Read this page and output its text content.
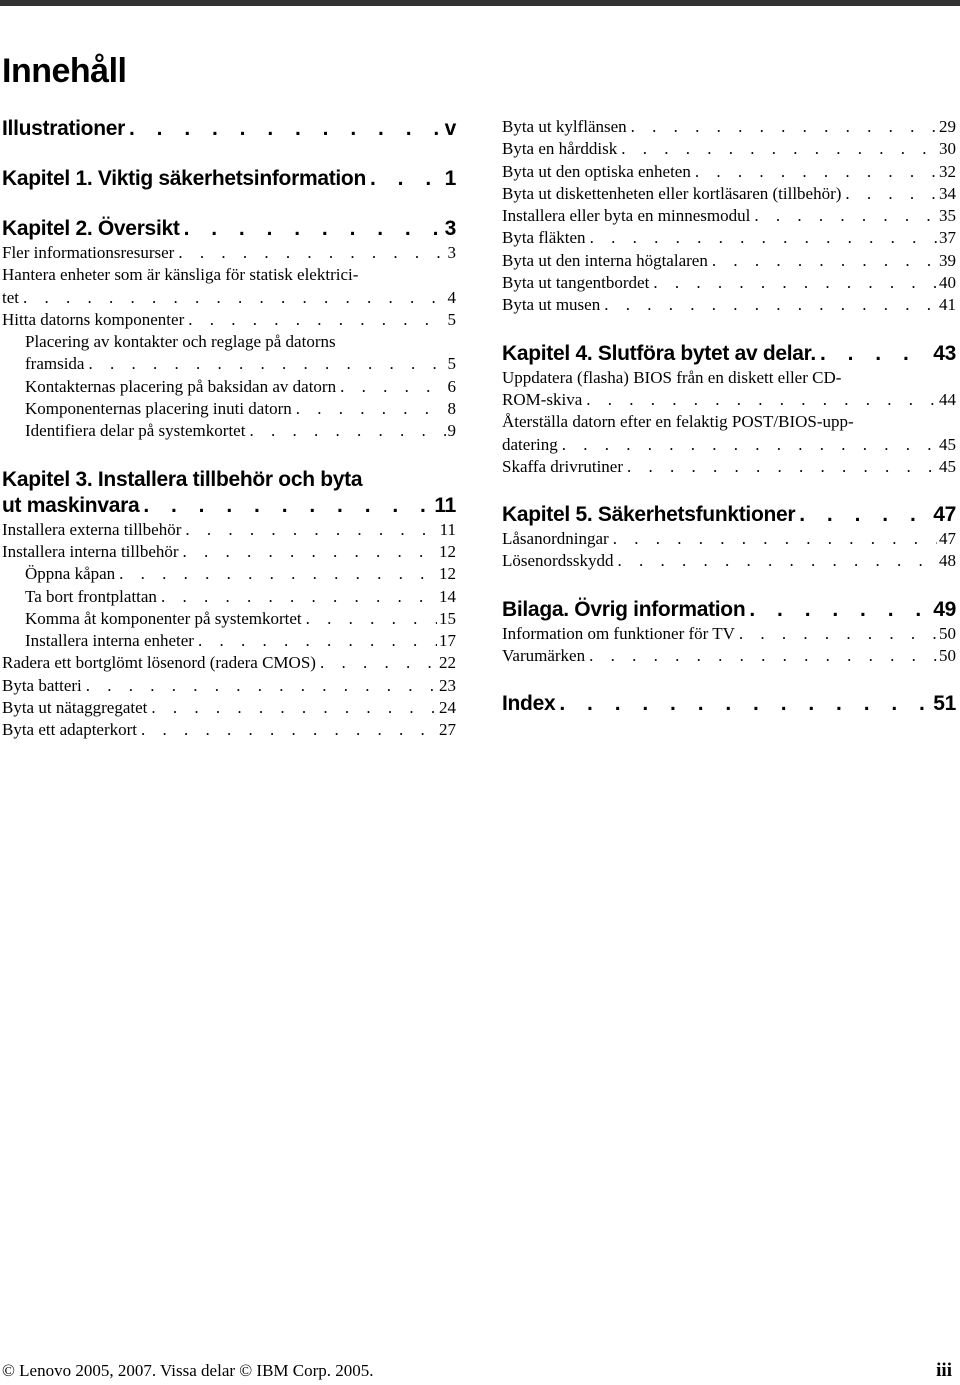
Innehåll
Illustrationer . . .	v
Kapitel 1. Viktig säkerhetsinformation . . .	1
Kapitel 2. Översikt . . .	3
Fler informationsresurser . . .	3
Hantera enheter som är känsliga för statisk elektrici-
tet . . .	4
Hitta datorns komponenter . . .	5
Placering av kontakter och reglage på datorns
framsida . . .	5
Kontakternas placering på baksidan av datorn . . .	6
Komponenternas placering inuti datorn . . .	8
Identifiera delar på systemkortet . . .	9
Kapitel 3. Installera tillbehör och byta
ut maskinvara . . .	11
Installera externa tillbehör . . .	11
Installera interna tillbehör . . .	12
Öppna kåpan . . .	12
Ta bort frontplattan . . .	14
Komma åt komponenter på systemkortet . . .	15
Installera interna enheter . . .	17
Radera ett bortglömt lösenord (radera CMOS) . . .	22
Byta batteri . . .	23
Byta ut nätaggregatet . . .	24
Byta ett adapterkort . . .	27
Byta ut kylflänsen . . .	29
Byta en hårddisk . . .	30
Byta ut den optiska enheten . . .	32
Byta ut diskettenheten eller kortläsaren (tillbehör) . . .	34
Installera eller byta en minnesmodul . . .	35
Byta fläkten . . .	37
Byta ut den interna högtalaren . . .	39
Byta ut tangentbordet . . .	40
Byta ut musen . . .	41
Kapitel 4. Slutföra bytet av delar. . . .	43
Uppdatera (flasha) BIOS från en diskett eller CD-
ROM-skiva . . .	44
Återställa datorn efter en felaktig POST/BIOS-upp-
datering . . .	45
Skaffa drivrutiner . . .	45
Kapitel 5. Säkerhetsfunktioner . . .	47
Låsanordningar . . .	47
Lösenordsskydd . . .	48
Bilaga. Övrig information . . .	49
Information om funktioner för TV . . .	50
Varumärken . . .	50
Index . . .	51
© Lenovo 2005, 2007. Vissa delar © IBM Corp. 2005.	iii
